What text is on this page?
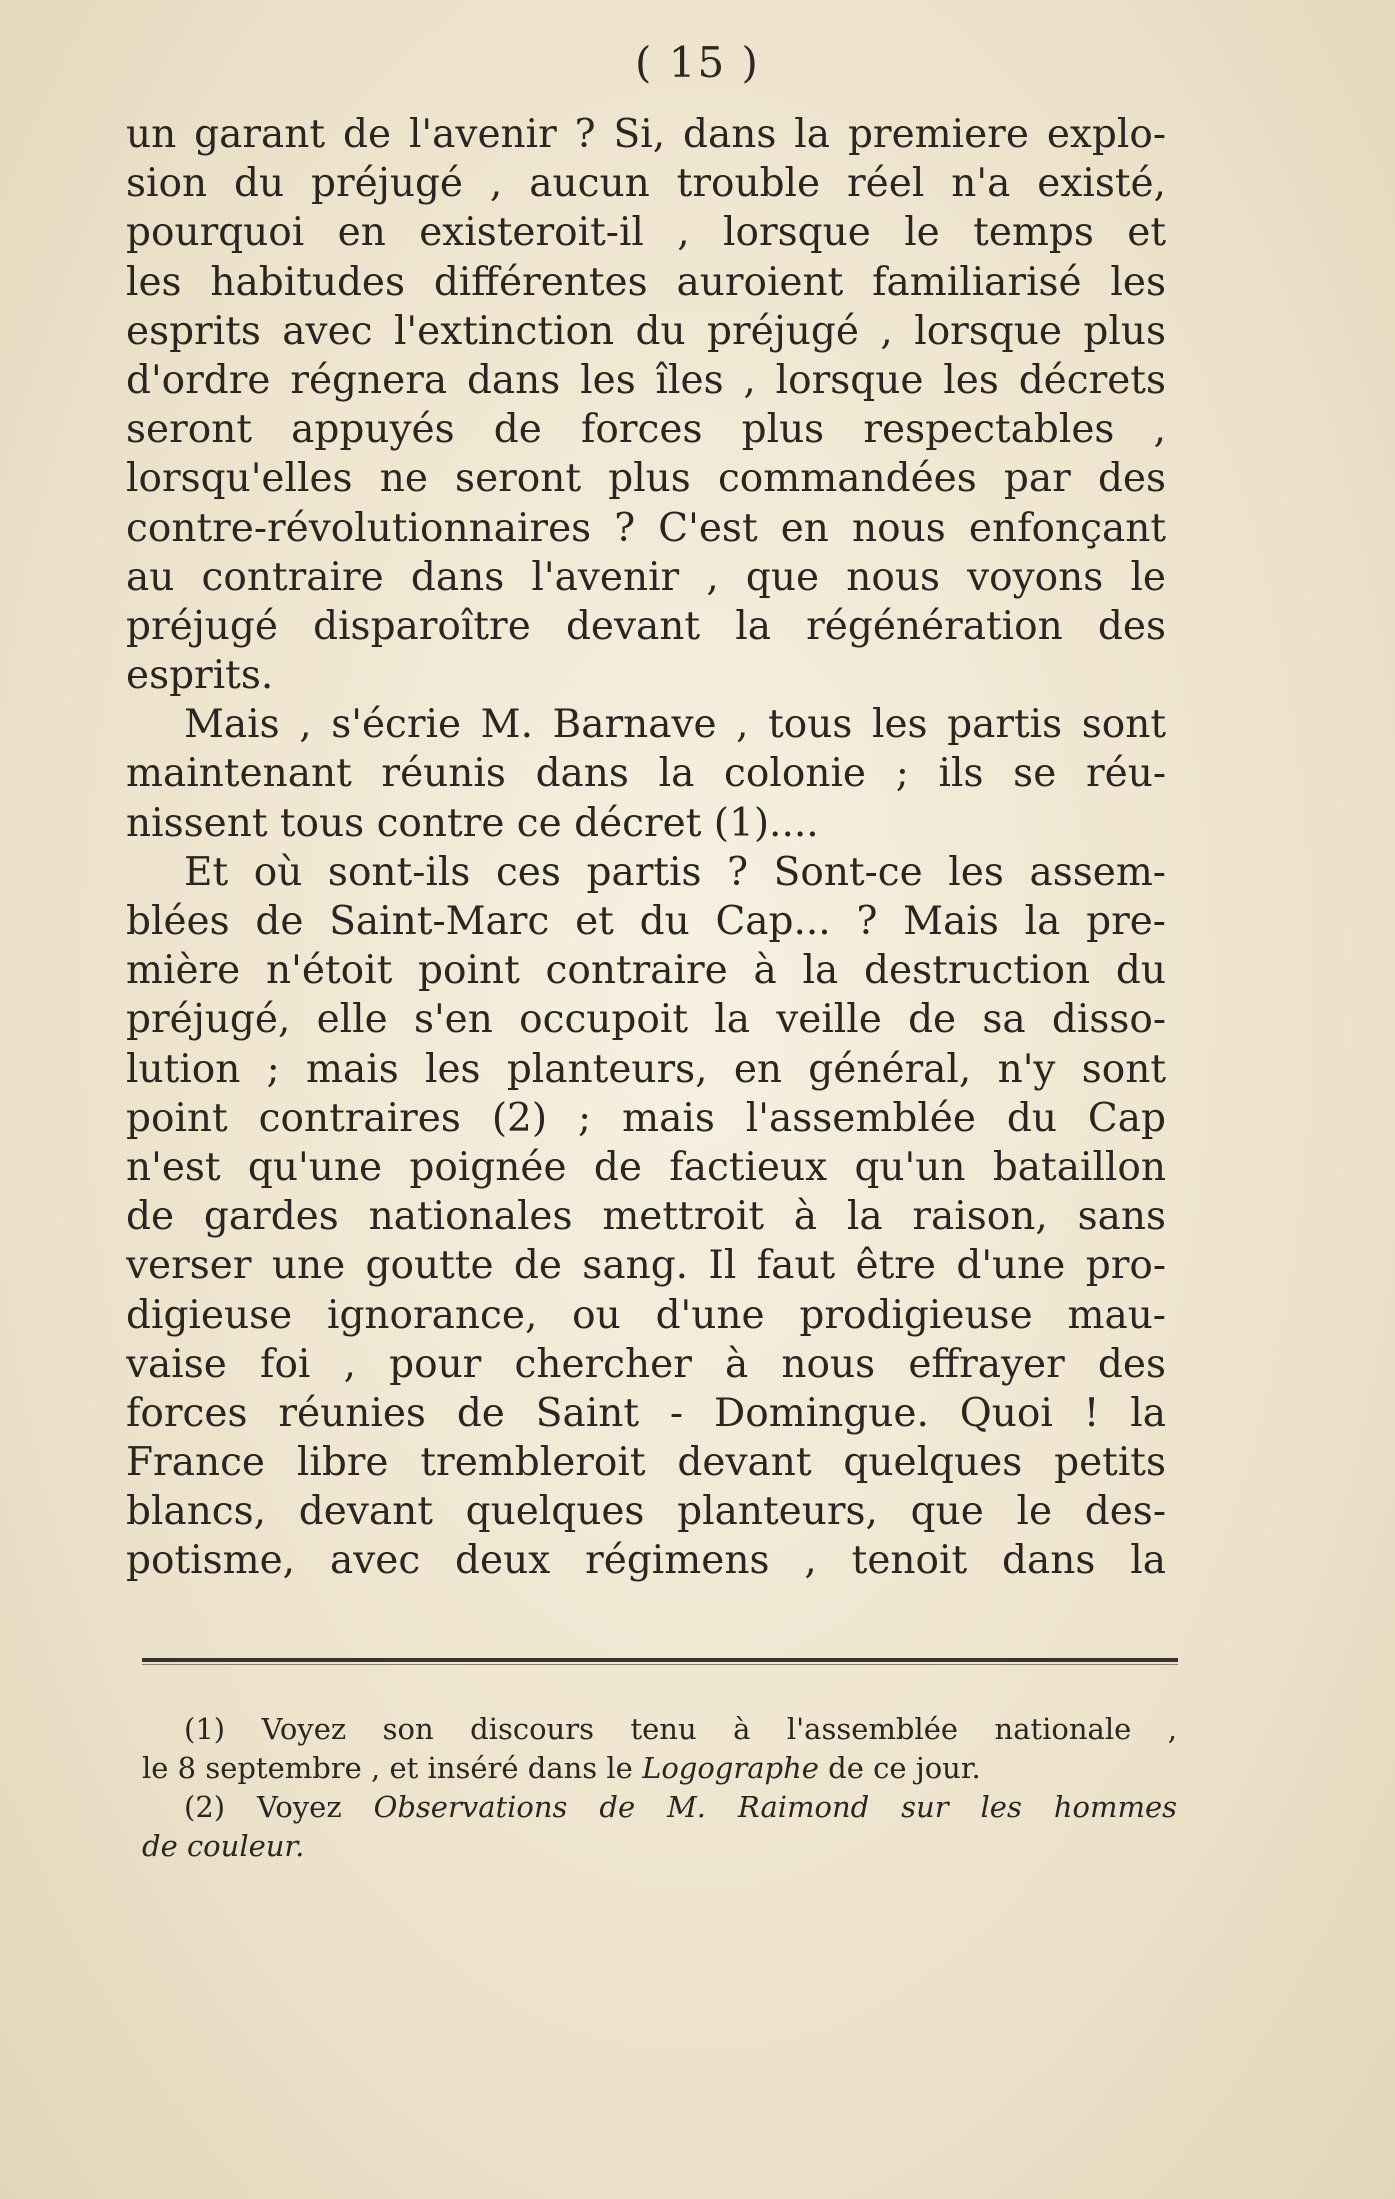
( 15 )
un garant de l'avenir ? Si, dans la premiere explo-
sion du préjugé , aucun trouble réel n'a existé,
pourquoi en existeroit-il , lorsque le temps et
les habitudes différentes auroient familiarisé les
esprits avec l'extinction du préjugé , lorsque plus
d'ordre régnera dans les îles , lorsque les décrets
seront appuyés de forces plus respectables ,
lorsqu'elles ne seront plus commandées par des
contre-révolutionnaires ? C'est en nous enfonçant
au contraire dans l'avenir , que nous voyons le
préjugé disparoître devant la régénération des
esprits.
Mais , s'écrie M. Barnave , tous les partis sont
maintenant réunis dans la colonie ; ils se réu-
nissent tous contre ce décret (1)....
Et où sont-ils ces partis ? Sont-ce les assem-
blées de Saint-Marc et du Cap... ? Mais la pre-
mière n'étoit point contraire à la destruction du
préjugé, elle s'en occupoit la veille de sa disso-
lution ; mais les planteurs, en général, n'y sont
point contraires (2) ; mais l'assemblée du Cap
n'est qu'une poignée de factieux qu'un bataillon
de gardes nationales mettroit à la raison, sans
verser une goutte de sang. Il faut être d'une pro-
digieuse ignorance, ou d'une prodigieuse mau-
vaise foi , pour chercher à nous effrayer des
forces réunies de Saint - Domingue. Quoi ! la
France libre trembleroit devant quelques petits
blancs, devant quelques planteurs, que le des-
potisme, avec deux régimens , tenoit dans la
(1) Voyez son discours tenu à l'assemblée nationale ,
le 8 septembre , et inséré dans le Logographe de ce jour.
(2) Voyez Observations de M. Raimond sur les hommes
de couleur.
